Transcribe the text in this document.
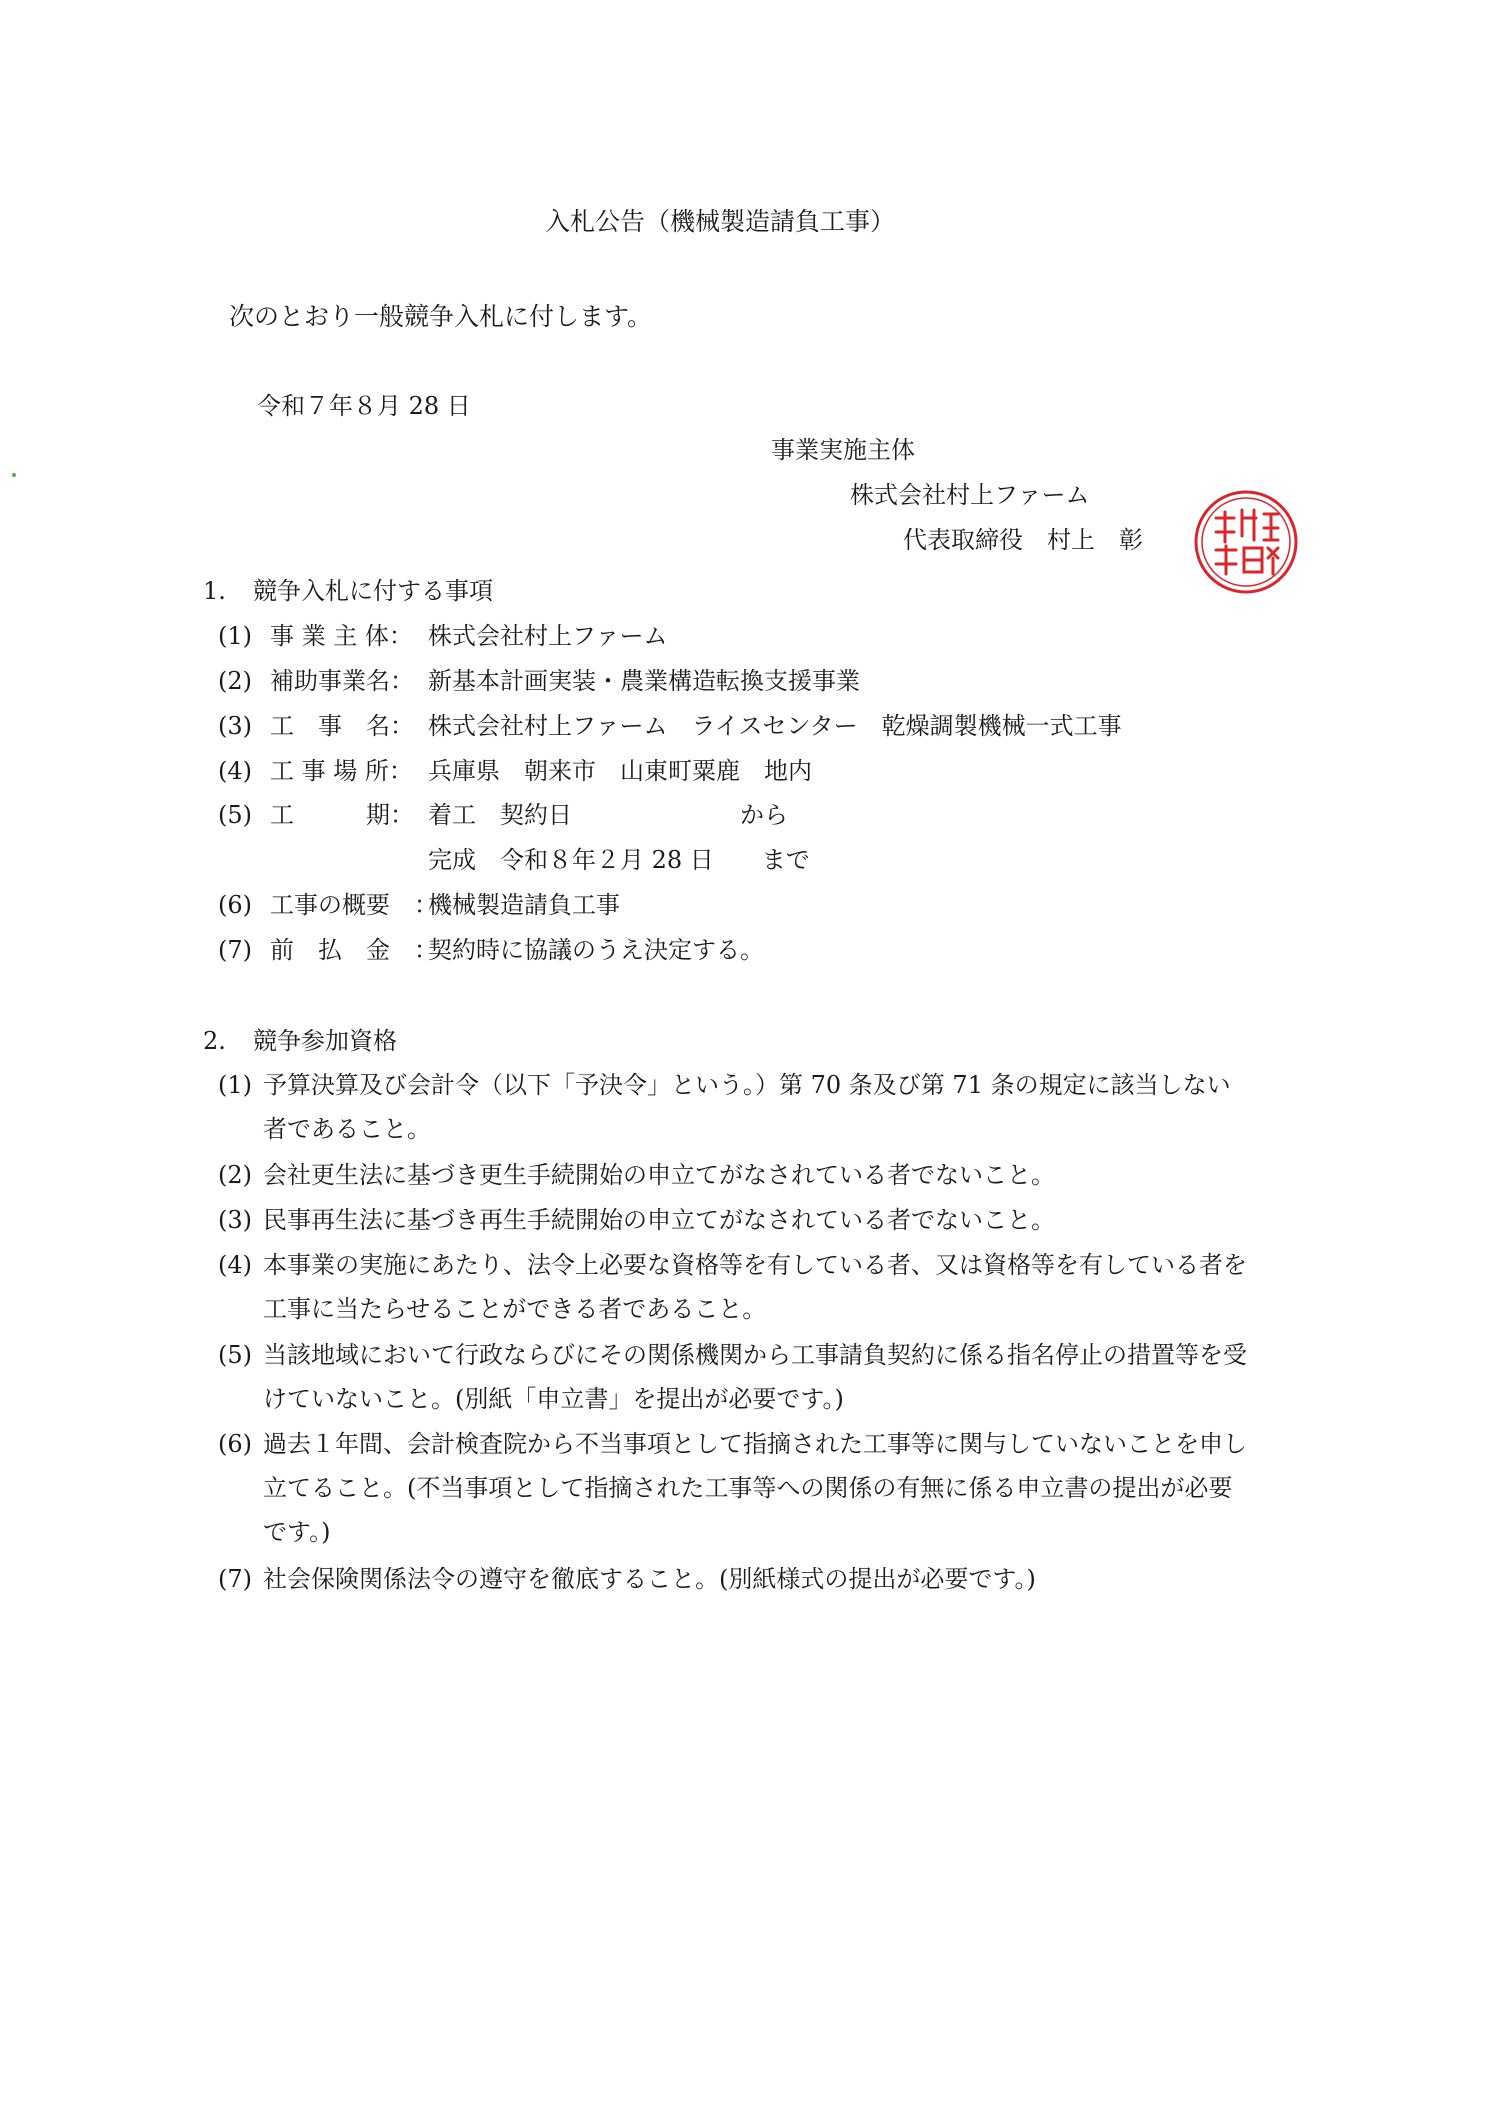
入札公告（機械製造請負工事）
次のとおり一般競争入札に付します。
令和７年８月 28 日
事業実施主体
株式会社村上ファーム
代表取締役　村上　彰
1. 競争入札に付する事項
(1) 事 業 主 体： 株式会社村上ファーム
(2) 補助事業名： 新基本計画実装・農業構造転換支援事業
(3) 工　事　名： 株式会社村上ファーム　ライスセンター　乾燥調製機械一式工事
(4) 工 事 場 所： 兵庫県　朝来市　山東町粟鹿　地内
(5) 工　　　期： 着工　契約日　　　　　　　から
完成　令和８年２月 28 日　　まで
(6) 工事の概要　：
機械製造請負工事
(7) 前　払　金　：
契約時に協議のうえ決定する。
2. 競争参加資格
(1) 予算決算及び会計令（以下「予決令」という。）第 70 条及び第 71 条の規定に該当しない者であること。
(2) 会社更生法に基づき更生手続開始の申立てがなされている者でないこと。
(3) 民事再生法に基づき再生手続開始の申立てがなされている者でないこと。
(4) 本事業の実施にあたり、法令上必要な資格等を有している者、又は資格等を有している者を工事に当たらせることができる者であること。
(5) 当該地域において行政ならびにその関係機関から工事請負契約に係る指名停止の措置等を受けていないこと。(別紙「申立書」を提出が必要です。)
(6) 過去１年間、会計検査院から不当事項として指摘された工事等に関与していないことを申し立てること。(不当事項として指摘された工事等への関係の有無に係る申立書の提出が必要です。)
(7) 社会保険関係法令の遵守を徹底すること。(別紙様式の提出が必要です。)
